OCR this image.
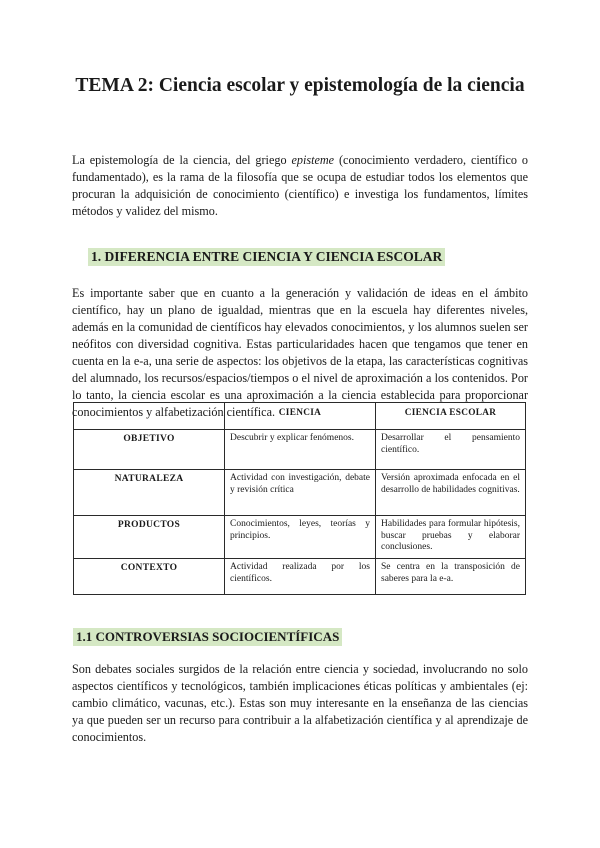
TEMA 2: Ciencia escolar y epistemología de la ciencia
La epistemología de la ciencia, del griego episteme (conocimiento verdadero, científico o fundamentado), es la rama de la filosofía que se ocupa de estudiar todos los elementos que procuran la adquisición de conocimiento (científico) e investiga los fundamentos, límites métodos y validez del mismo.
1. DIFERENCIA ENTRE CIENCIA Y CIENCIA ESCOLAR
Es importante saber que en cuanto a la generación y validación de ideas en el ámbito científico, hay un plano de igualdad, mientras que en la escuela hay diferentes niveles, además en la comunidad de científicos hay elevados conocimientos, y los alumnos suelen ser neófitos con diversidad cognitiva. Estas particularidades hacen que tengamos que tener en cuenta en la e-a, una serie de aspectos: los objetivos de la etapa, las características cognitivas del alumnado, los recursos/espacios/tiempos o el nivel de aproximación a los contenidos. Por lo tanto, la ciencia escolar es una aproximación a la ciencia establecida para proporcionar conocimientos y alfabetización científica.
	CIENCIA	CIENCIA ESCOLAR
OBJETIVO	Descubrir y explicar fenómenos.	Desarrollar el pensamiento científico.
NATURALEZA	Actividad con investigación, debate y revisión crítica	Versión aproximada enfocada en el desarrollo de habilidades cognitivas.
PRODUCTOS	Conocimientos, leyes, teorías y principios.	Habilidades para formular hipótesis, buscar pruebas y elaborar conclusiones.
CONTEXTO	Actividad realizada por los científicos.	Se centra en la transposición de saberes para la e-a.
1.1 CONTROVERSIAS SOCIOCIENTÍFICAS
Son debates sociales surgidos de la relación entre ciencia y sociedad, involucrando no solo aspectos científicos y tecnológicos, también implicaciones éticas políticas y ambientales (ej: cambio climático, vacunas, etc.). Estas son muy interesante en la enseñanza de las ciencias ya que pueden ser un recurso para contribuir a la alfabetización científica y al aprendizaje de conocimientos.
